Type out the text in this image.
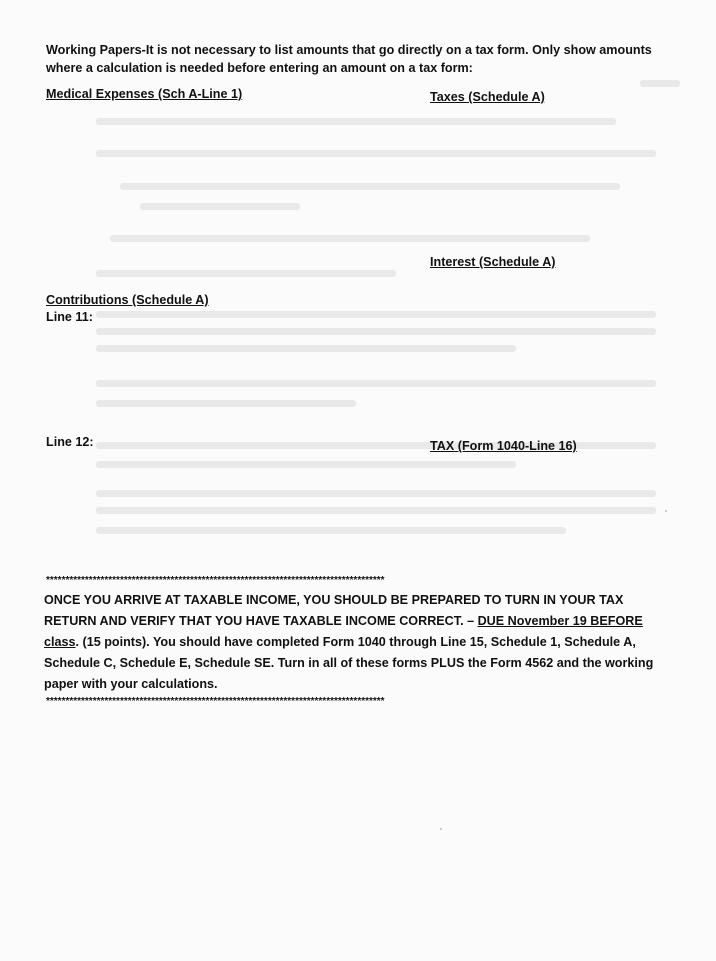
Working Papers-It is not necessary to list amounts that go directly on a tax form. Only show amounts where a calculation is needed before entering an amount on a tax form:
Medical Expenses (Sch A-Line 1)	Taxes (Schedule A)
Interest (Schedule A)
Contributions (Schedule A)
Line 11:
Line 12:	TAX (Form 1040-Line 16)
***************************************************************************************
ONCE YOU ARRIVE AT TAXABLE INCOME, YOU SHOULD BE PREPARED TO TURN IN YOUR TAX RETURN AND VERIFY THAT YOU HAVE TAXABLE INCOME CORRECT. – DUE November 19 BEFORE class. (15 points). You should have completed Form 1040 through Line 15, Schedule 1, Schedule A, Schedule C, Schedule E, Schedule SE. Turn in all of these forms PLUS the Form 4562 and the working paper with your calculations.
***************************************************************************************
